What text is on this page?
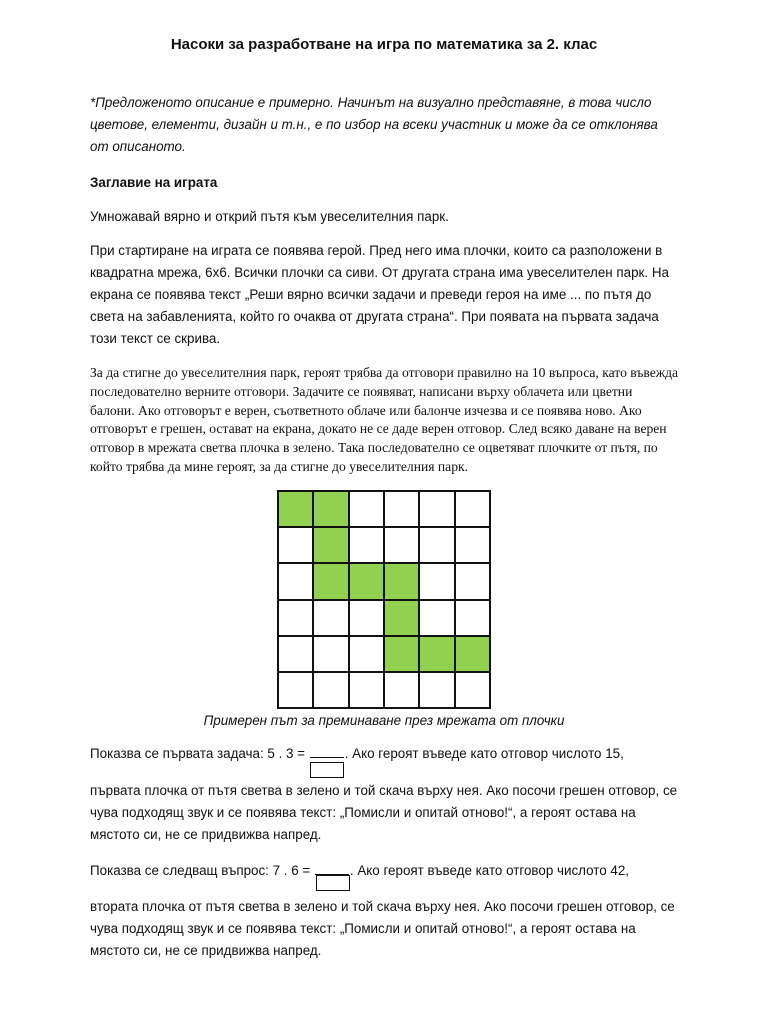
Насоки за разработване на игра по математика за 2. клас
*Предложеното описание е примерно. Начинът на визуално представяне, в това число цветове, елементи, дизайн и т.н., е по избор на всеки участник и може да се отклонява от описаното.
Заглавие на играта
Умножавай вярно и открий пътя към увеселителния парк.
При стартиране на играта се появява герой. Пред него има плочки, които са разположени в квадратна мрежа, 6х6. Всички плочки са сиви. От другата страна има увеселителен парк. На екрана се появява текст „Реши вярно всички задачи и преведи героя на име ... по пътя до света на забавленията, който го очаква от другата страна“. При появата на първата задача този текст се скрива.
За да стигне до увеселителния парк, героят трябва да отговори правилно на 10 въпроса, като въвежда последователно верните отговори. Задачите се появяват, написани върху облачета или цветни балони. Ако отговорът е верен, съответното облаче или балонче изчезва и се появява ново. Ако отговорът е грешен, остават на екрана, докато не се даде верен отговор. След всяко даване на верен отговор в мрежата светва плочка в зелено. Така последователно се оцветяват плочките от пътя, по който трябва да мине героят, за да стигне до увеселителния парк.
Примерен път за преминаване през мрежата от плочки
Показва се първата задача: 5 . 3 =	. Ако героят въведе като отговор числото 15,
първата плочка от пътя светва в зелено и той скача върху нея. Ако посочи грешен отговор, се чува подходящ звук и се появява текст: „Помисли и опитай отново!“, а героят остава на мястото си, не се придвижва напред.
Показва се следващ въпрос: 7 . 6 =	. Ако героят въведе като отговор числото 42,
втората плочка от пътя светва в зелено и той скача върху нея. Ако посочи грешен отговор, се чува подходящ звук и се появява текст: „Помисли и опитай отново!“, а героят остава на мястото си, не се придвижва напред.
